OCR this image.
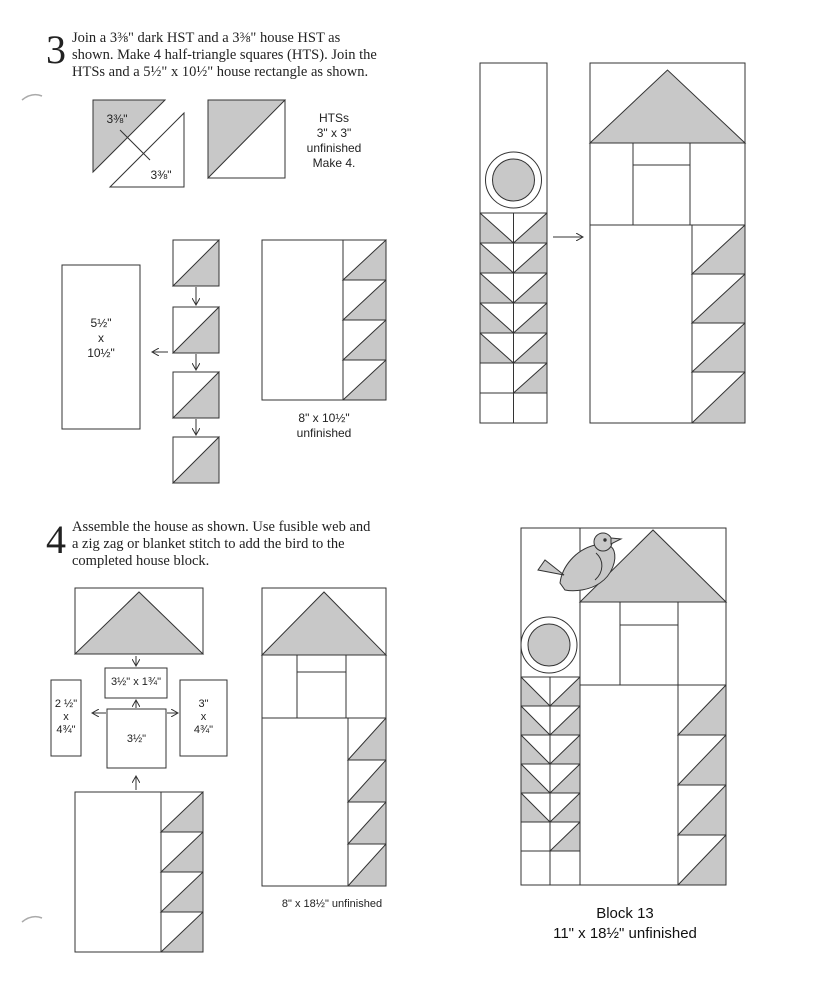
3 Join a 3⅜" dark HST and a 3⅜" house HST as
shown. Make 4 half-triangle squares (HTS). Join the
HTSs and a 5½" x 10½" house rectangle as shown.
4 Assemble the house as shown. Use fusible web and
a zig zag or blanket stitch to add the bird to the
completed house block.
3⅜"
3⅜"
HTSs
3" x 3"
unfinished
Make 4.
5½"
x
10½"
8" x 10½"
unfinished
3½" x 1¾"
2 ½"
x
4¾"
3½"
3"
x
4¾"
8" x 18½" unfinished
Block 13
11" x 18½" unfinished
